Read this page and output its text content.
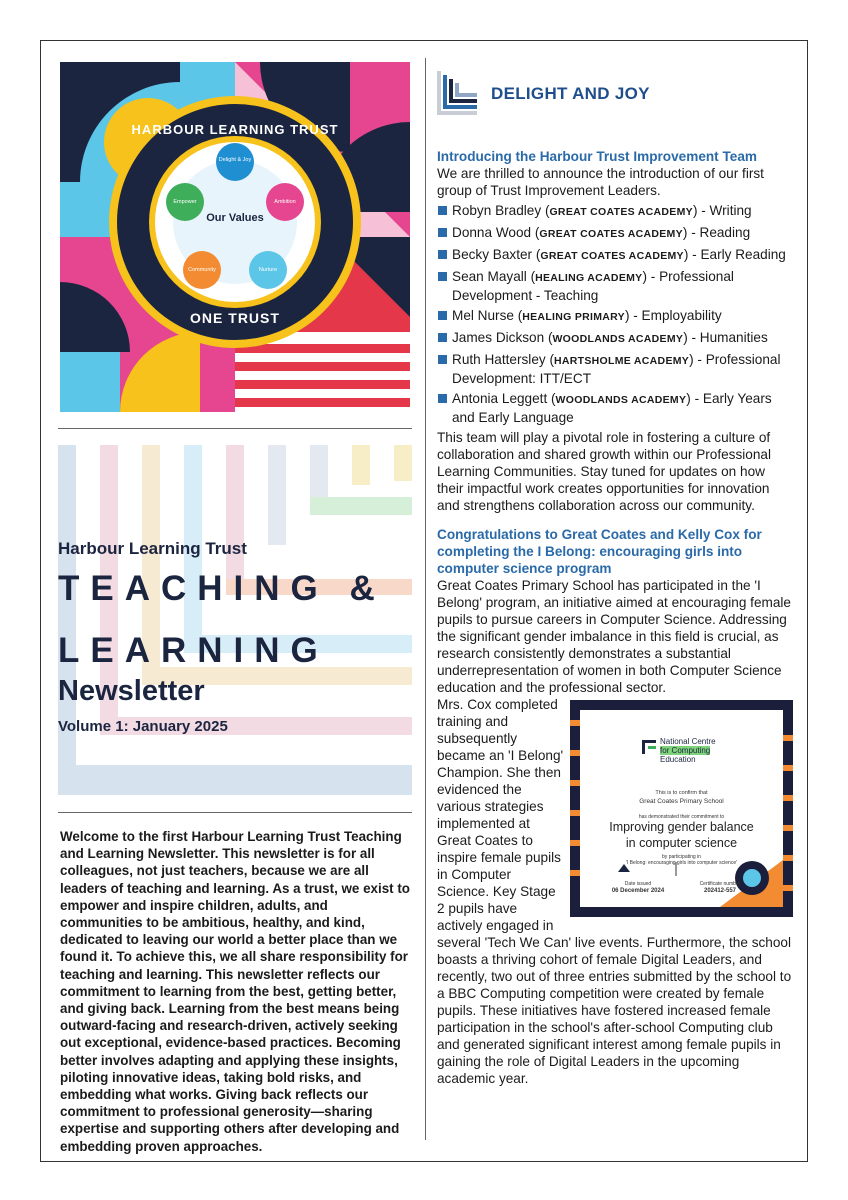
HARBOUR LEARNING TRUST
ONE TRUST
Our Values
Delight & Joy
Ambition
Nurture
Community
Empower
Harbour Learning Trust
TEACHING &
LEARNING
Newsletter
Volume 1: January 2025
Welcome to the first Harbour Learning Trust Teaching and Learning Newsletter. This newsletter is for all colleagues, not just teachers, because we are all leaders of teaching and learning. As a trust, we exist to empower and inspire children, adults, and communities to be ambitious, healthy, and kind, dedicated to leaving our world a better place than we found it. To achieve this, we all share responsibility for teaching and learning. This newsletter reflects our commitment to learning from the best, getting better, and giving back. Learning from the best means being outward-facing and research-driven, actively seeking out exceptional, evidence-based practices. Becoming better involves adapting and applying these insights, piloting innovative ideas, taking bold risks, and embedding what works. Giving back reflects our commitment to professional generosity—sharing expertise and supporting others after developing and embedding proven approaches.
DELIGHT AND JOY
Introducing the Harbour Trust Improvement Team
We are thrilled to announce the introduction of our first group of Trust Improvement Leaders.
Robyn Bradley (GREAT COATES ACADEMY) - Writing
Donna Wood (GREAT COATES ACADEMY) - Reading
Becky Baxter (GREAT COATES ACADEMY) - Early Reading
Sean Mayall (HEALING ACADEMY) - Professional Development - Teaching
Mel Nurse (HEALING PRIMARY) - Employability
James Dickson (WOODLANDS ACADEMY) - Humanities
Ruth Hattersley (HARTSHOLME ACADEMY) - Professional Development: ITT/ECT
Antonia Leggett (WOODLANDS ACADEMY) - Early Years and Early Language
This team will play a pivotal role in fostering a culture of collaboration and shared growth within our Professional Learning Communities. Stay tuned for updates on how their impactful work creates opportunities for innovation and strengthens collaboration across our community.
Congratulations to Great Coates and Kelly Cox for completing the I Belong: encouraging girls into computer science program
Great Coates Primary School has participated in the 'I Belong' program, an initiative aimed at encouraging female pupils to pursue careers in Computer Science. Addressing the significant gender imbalance in this field is crucial, as research consistently demonstrates a substantial underrepresentation of women in both Computer Science education and the professional sector.
National Centre
for Computing
Education
This is to confirm that
Great Coates Primary School
has demonstrated their commitment to
Improving gender balance
in computer science
by participating in
'I Belong: encouraging girls into computer science'
Date issued
06 December 2024
Certificate number
202412-557
Mrs. Cox completed training and subsequently became an 'I Belong' Champion. She then evidenced the various strategies implemented at Great Coates to inspire female pupils in Computer Science. Key Stage 2 pupils have actively engaged in several 'Tech We Can' live events. Furthermore, the school boasts a thriving cohort of female Digital Leaders, and recently, two out of three entries submitted by the school to a BBC Computing competition were created by female pupils. These initiatives have fostered increased female participation in the school's after-school Computing club and generated significant interest among female pupils in gaining the role of Digital Leaders in the upcoming academic year.
